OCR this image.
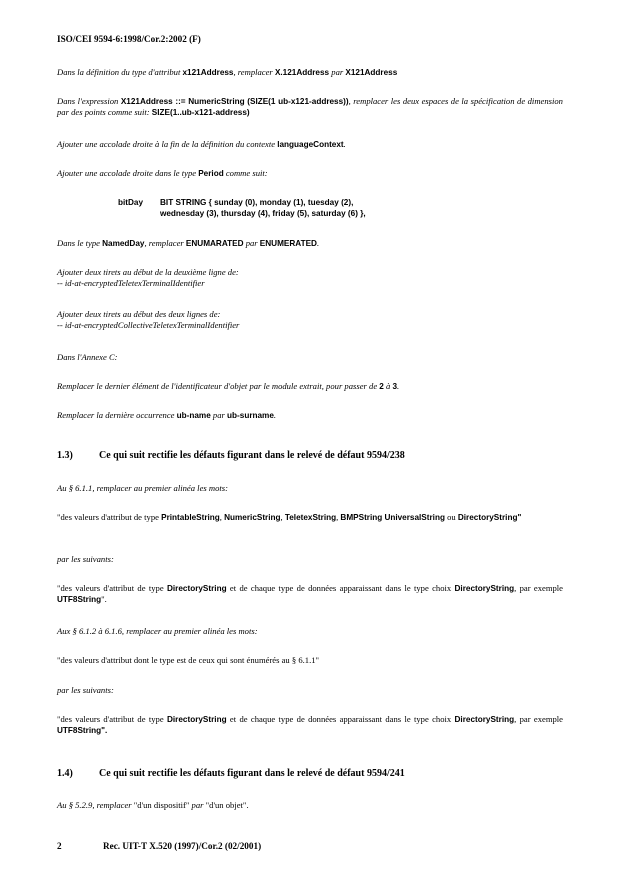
ISO/CEI 9594-6:1998/Cor.2:2002 (F)
Dans la définition du type d'attribut x121Address, remplacer X.121Address par X121Address
Dans l'expression X121Address ::= NumericString (SIZE(1 ub-x121-address)), remplacer les deux espaces de la spécification de dimension par des points comme suit: SIZE(1..ub-x121-address)
Ajouter une accolade droite à la fin de la définition du contexte languageContext.
Ajouter une accolade droite dans le type Period comme suit:
bitDay BIT STRING { sunday (0), monday (1), tuesday (2),
wednesday (3), thursday (4), friday (5), saturday (6) },
Dans le type NamedDay, remplacer ENUMARATED par ENUMERATED.
Ajouter deux tirets au début de la deuxième ligne de:
-- id-at-encryptedTeletexTerminalIdentifier
Ajouter deux tirets au début des deux lignes de:
-- id-at-encryptedCollectiveTeletexTerminalIdentifier
Dans l'Annexe C:
Remplacer le dernier élément de l'identificateur d'objet par le module extrait, pour passer de 2 à 3.
Remplacer la dernière occurrence ub-name par ub-surname.
1.3)	Ce qui suit rectifie les défauts figurant dans le relevé de défaut 9594/238
Au § 6.1.1, remplacer au premier alinéa les mots:
"des valeurs d'attribut de type PrintableString, NumericString, TeletexString, BMPString UniversalString ou DirectoryString"
par les suivants:
"des valeurs d'attribut de type DirectoryString et de chaque type de données apparaissant dans le type choix DirectoryString, par exemple UTF8String".
Aux § 6.1.2 à 6.1.6, remplacer au premier alinéa les mots:
"des valeurs d'attribut dont le type est de ceux qui sont énumérés au § 6.1.1"
par les suivants:
"des valeurs d'attribut de type DirectoryString et de chaque type de données apparaissant dans le type choix DirectoryString, par exemple UTF8String".
1.4)	Ce qui suit rectifie les défauts figurant dans le relevé de défaut 9594/241
Au § 5.2.9, remplacer "d'un dispositif" par "d'un objet".
2	Rec. UIT-T X.520 (1997)/Cor.2 (02/2001)
